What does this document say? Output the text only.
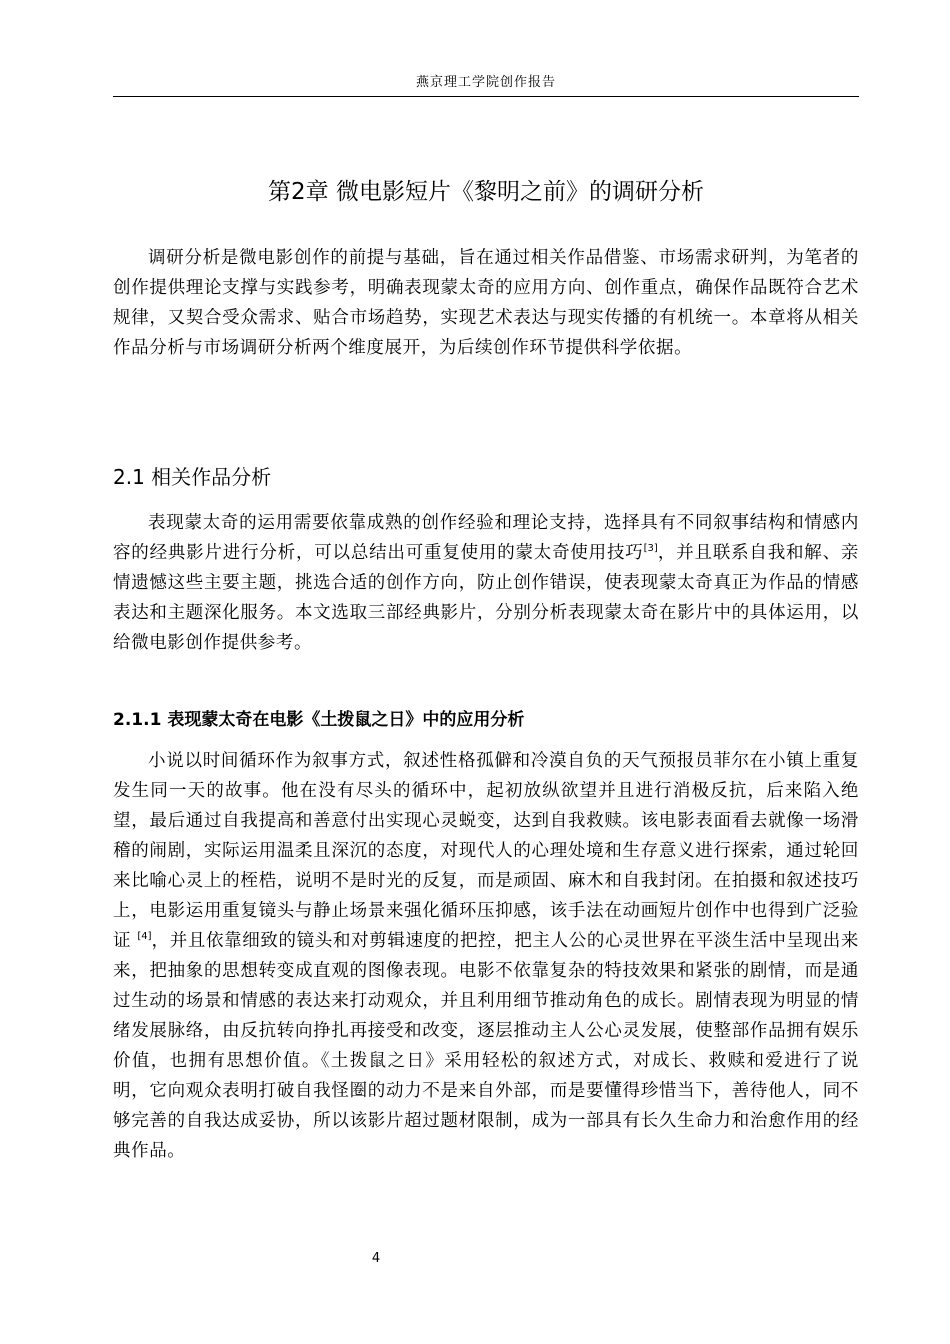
燕京理工学院创作报告
第2章 微电影短片《黎明之前》的调研分析

调研分析是微电影创作的前提与基础，旨在通过相关作品借鉴、市场需求研判，为笔者的创作提供理论支撑与实践参考，明确表现蒙太奇的应用方向、创作重点，确保作品既符合艺术规律，又契合受众需求、贴合市场趋势，实现艺术表达与现实传播的有机统一。本章将从相关作品分析与市场调研分析两个维度展开，为后续创作环节提供科学依据。

2.1 相关作品分析

表现蒙太奇的运用需要依靠成熟的创作经验和理论支持，选择具有不同叙事结构和情感内容的经典影片进行分析，可以总结出可重复使用的蒙太奇使用技巧[3]，并且联系自我和解、亲情遗憾这些主要主题，挑选合适的创作方向，防止创作错误，使表现蒙太奇真正为作品的情感表达和主题深化服务。本文选取三部经典影片，分别分析表现蒙太奇在影片中的具体运用，以给微电影创作提供参考。

2.1.1 表现蒙太奇在电影《土拨鼠之日》中的应用分析

小说以时间循环作为叙事方式，叙述性格孤僻和冷漠自负的天气预报员菲尔在小镇上重复发生同一天的故事。他在没有尽头的循环中，起初放纵欲望并且进行消极反抗，后来陷入绝望，最后通过自我提高和善意付出实现心灵蜕变，达到自我救赎。该电影表面看去就像一场滑稽的闹剧，实际运用温柔且深沉的态度，对现代人的心理处境和生存意义进行探索，通过轮回来比喻心灵上的桎梏，说明不是时光的反复，而是顽固、麻木和自我封闭。在拍摄和叙述技巧上，电影运用重复镜头与静止场景来强化循环压抑感，该手法在动画短片创作中也得到广泛验证 [4]，并且依靠细致的镜头和对剪辑速度的把控，把主人公的心灵世界在平淡生活中呈现出来来，把抽象的思想转变成直观的图像表现。电影不依靠复杂的特技效果和紧张的剧情，而是通过生动的场景和情感的表达来打动观众，并且利用细节推动角色的成长。剧情表现为明显的情绪发展脉络，由反抗转向挣扎再接受和改变，逐层推动主人公心灵发展，使整部作品拥有娱乐价值，也拥有思想价值。《土拨鼠之日》采用轻松的叙述方式，对成长、救赎和爱进行了说明，它向观众表明打破自我怪圈的动力不是来自外部，而是要懂得珍惜当下，善待他人，同不够完善的自我达成妥协，所以该影片超过题材限制，成为一部具有长久生命力和治愈作用的经典作品。

4
